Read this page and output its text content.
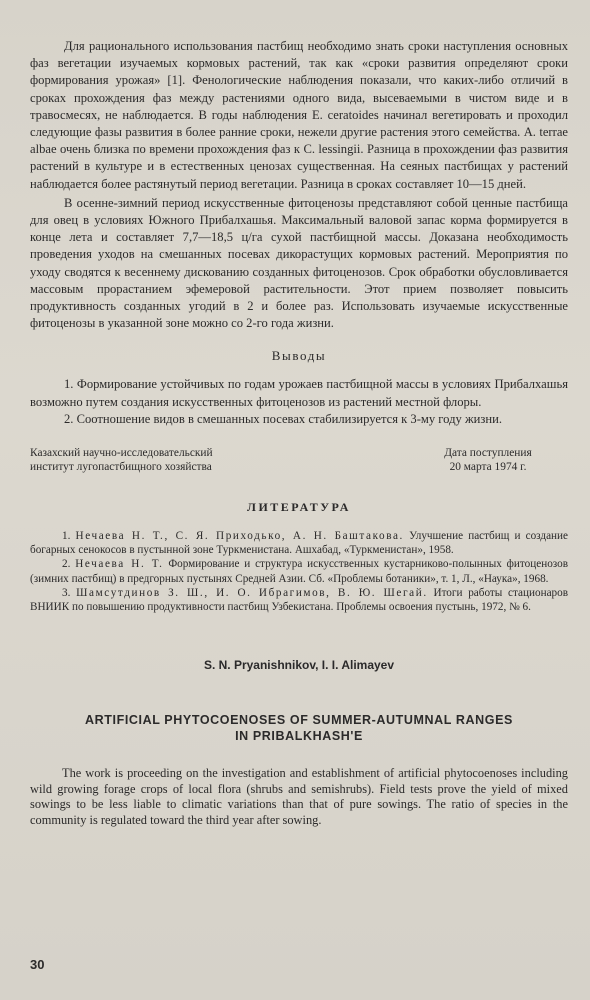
Для рационального использования пастбищ необходимо знать сроки наступления основных фаз вегетации изучаемых кормовых растений, так как «сроки развития определяют сроки формирования урожая» [1]. Фенологические наблюдения показали, что каких-либо отличий в сроках прохождения фаз между растениями одного вида, высеваемыми в чистом виде и в травосмесях, не наблюдается. В годы наблюдения E. ceratoides начинал вегетировать и проходил следующие фазы развития в более ранние сроки, нежели другие растения этого семейства. A. terrae albae очень близка по времени прохождения фаз к C. lessingii. Разница в прохождении фаз развития растений в культуре и в естественных ценозах существенная. На сеяных пастбищах у растений наблюдается более растянутый период вегетации. Разница в сроках составляет 10—15 дней.

В осенне-зимний период искусственные фитоценозы представляют собой ценные пастбища для овец в условиях Южного Прибалхашья. Максимальный валовой запас корма формируется в конце лета и составляет 7,7—18,5 ц/га сухой пастбищной массы. Доказана необходимость проведения уходов на смешанных посевах дикорастущих кормовых растений. Мероприятия по уходу сводятся к весеннему дискованию созданных фитоценозов. Срок обработки обусловливается массовым прорастанием эфемеровой растительности. Этот прием позволяет повысить продуктивность созданных угодий в 2 и более раз. Использовать изучаемые искусственные фитоценозы в указанной зоне можно со 2-го года жизни.

Выводы

1. Формирование устойчивых по годам урожаев пастбищной массы в условиях Прибалхашья возможно путем создания искусственных фитоценозов из растений местной флоры.

2. Соотношение видов в смешанных посевах стабилизируется к 3-му году жизни.

Казахский научно-исследовательский
институт лугопастбищного хозяйства
Дата поступления
20 марта 1974 г.
ЛИТЕРАТУРА

1. Нечаева Н. Т., С. Я. Приходько, А. Н. Баштакова. Улучшение пастбищ и создание богарных сенокосов в пустынной зоне Туркменистана. Ашхабад, «Туркменистан», 1958.

2. Нечаева Н. Т. Формирование и структура искусственных кустарниково-полынных фитоценозов (зимних пастбищ) в предгорных пустынях Средней Азии. Сб. «Проблемы ботаники», т. 1, Л., «Наука», 1968.

3. Шамсутдинов З. Ш., И. О. Ибрагимов, В. Ю. Шегай. Итоги работы стационаров ВНИИК по повышению продуктивности пастбищ Узбекистана. Проблемы освоения пустынь, 1972, № 6.

S. N. Pryanishnikov, I. I. Alimayev
ARTIFICIAL PHYTOCOENOSES OF SUMMER-AUTUMNAL RANGES
IN PRIBALKHASH'E

The work is proceeding on the investigation and establishment of artificial phytocoenoses including wild growing forage crops of local flora (shrubs and semishrubs). Field tests prove the yield of mixed sowings to be less liable to climatic variations than that of pure sowings. The ratio of species in the community is regulated toward the third year after sowing.

30
